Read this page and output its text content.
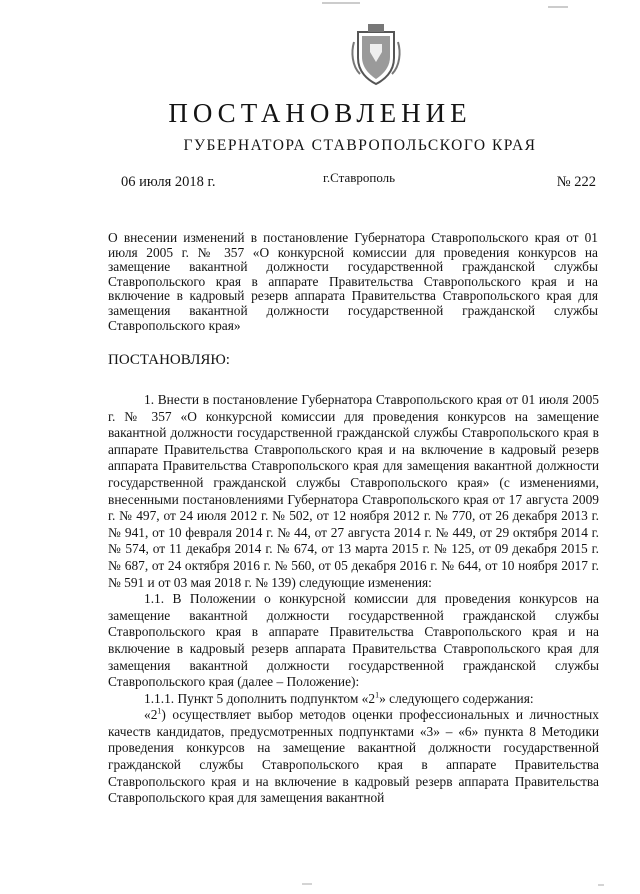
ПОСТАНОВЛЕНИЕ
ГУБЕРНАТОРА СТАВРОПОЛЬСКОГО КРАЯ
06 июля 2018 г.	г.Ставрополь	№ 222
О внесении изменений в постановление Губернатора Ставропольского края от 01 июля 2005 г. № 357 «О конкурсной комиссии для проведения конкурсов на замещение вакантной должности государственной гражданской службы Ставропольского края в аппарате Правительства Ставропольского края и на включение в кадровый резерв аппарата Правительства Ставропольского края для замещения вакантной должности государственной гражданской службы Ставропольского края»
ПОСТАНОВЛЯЮ:

1. Внести в постановление Губернатора Ставропольского края от 01 июля 2005 г. № 357 «О конкурсной комиссии для проведения конкурсов на замещение вакантной должности государственной гражданской службы Ставропольского края в аппарате Правительства Ставропольского края и на включение в кадровый резерв аппарата Правительства Ставропольского края для замещения вакантной должности государственной гражданской службы Ставропольского края» (с изменениями, внесенными постановлениями Губернатора Ставропольского края от 17 августа 2009 г. № 497, от 24 июля 2012 г. № 502, от 12 ноября 2012 г. № 770, от 26 декабря 2013 г. № 941, от 10 февраля 2014 г. № 44, от 27 августа 2014 г. № 449, от 29 октября 2014 г. № 574, от 11 декабря 2014 г. № 674, от 13 марта 2015 г. № 125, от 09 декабря 2015 г. № 687, от 24 октября 2016 г. № 560, от 05 декабря 2016 г. № 644, от 10 ноября 2017 г. № 591 и от 03 мая 2018 г. № 139) следующие изменения:

1.1. В Положении о конкурсной комиссии для проведения конкурсов на замещение вакантной должности государственной гражданской службы Ставропольского края в аппарате Правительства Ставропольского края и на включение в кадровый резерв аппарата Правительства Ставропольского края для замещения вакантной должности государственной гражданской службы Ставропольского края (далее – Положение):

1.1.1. Пункт 5 дополнить подпунктом «$2^1$» следующего содержания:

«$2^1$) осуществляет выбор методов оценки профессиональных и личностных качеств кандидатов, предусмотренных подпунктами «3» – «6» пункта 8 Методики проведения конкурсов на замещение вакантной должности государственной гражданской службы Ставропольского края в аппарате Правительства Ставропольского края и на включение в кадровый резерв аппарата Правительства Ставропольского края для замещения вакантной
